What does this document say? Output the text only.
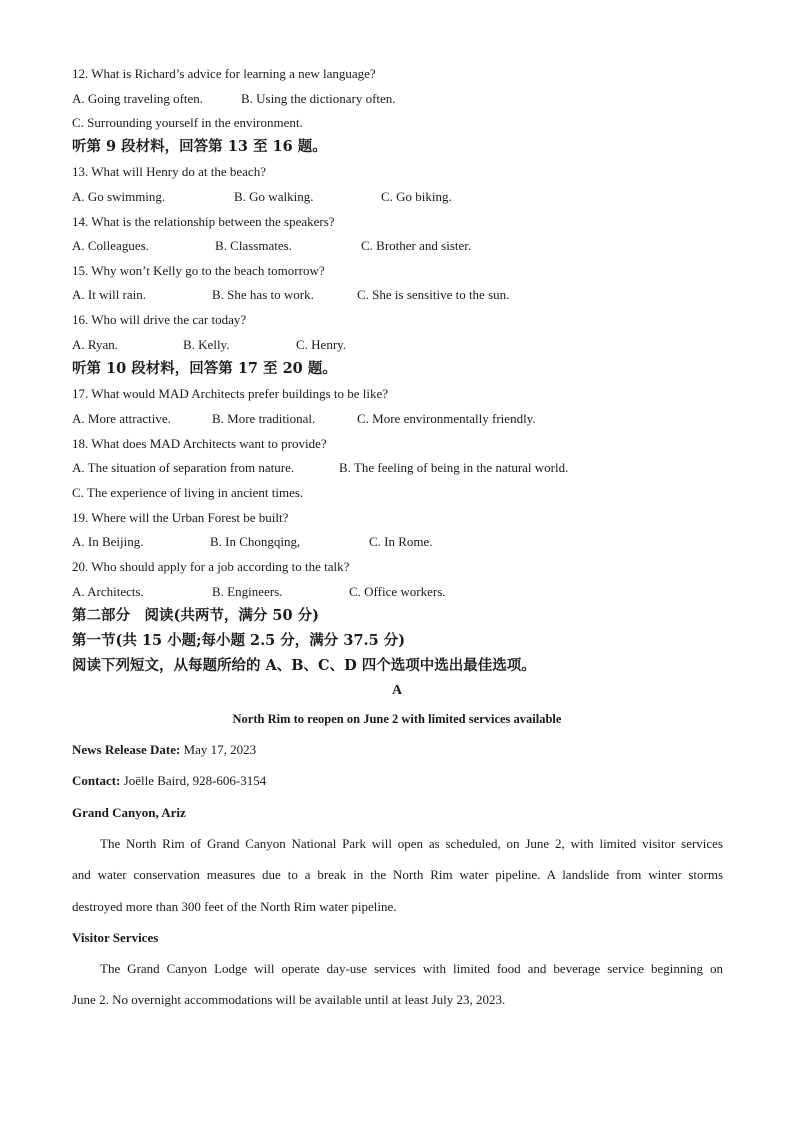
12. What is Richard’s advice for learning a new language?
A. Going traveling often.	B. Using the dictionary often.
C. Surrounding yourself in the environment.
听第 9 段材料，回答第 13 至 16 题。
13. What will Henry do at the beach?
A. Go swimming.	B. Go walking.	C. Go biking.
14. What is the relationship between the speakers?
A. Colleagues.	B. Classmates.	C. Brother and sister.
15. Why won’t Kelly go to the beach tomorrow?
A. It will rain.	B. She has to work.	C. She is sensitive to the sun.
16. Who will drive the car today?
A. Ryan.	B. Kelly.	C. Henry.
听第 10 段材料，回答第 17 至 20 题。
17. What would MAD Architects prefer buildings to be like?
A. More attractive.	B. More traditional.	C. More environmentally friendly.
18. What does MAD Architects want to provide?
A. The situation of separation from nature.	B. The feeling of being in the natural world.
C. The experience of living in ancient times.
19. Where will the Urban Forest be built?
A. In Beijing.	B. In Chongqing,	C. In Rome.
20. Who should apply for a job according to the talk?
A. Architects.	B. Engineers.	C. Office workers.
第二部分　阅读(共两节，满分 50 分)
第一节(共 15 小题;每小题 2.5 分，满分 37.5 分)
阅读下列短文，从每题所给的 A、B、C、D 四个选项中选出最佳选项。
A
North Rim to reopen on June 2 with limited services available
News Release Date: May 17, 2023
Contact: Joëlle Baird, 928-606-3154
Grand Canyon, Ariz
The North Rim of Grand Canyon National Park will open as scheduled, on June 2, with limited visitor services
and water conservation measures due to a break in the North Rim water pipeline. A landslide from winter storms
destroyed more than 300 feet of the North Rim water pipeline.
Visitor Services
The Grand Canyon Lodge will operate day-use services with limited food and beverage service beginning on
June 2. No overnight accommodations will be available until at least July 23, 2023.
